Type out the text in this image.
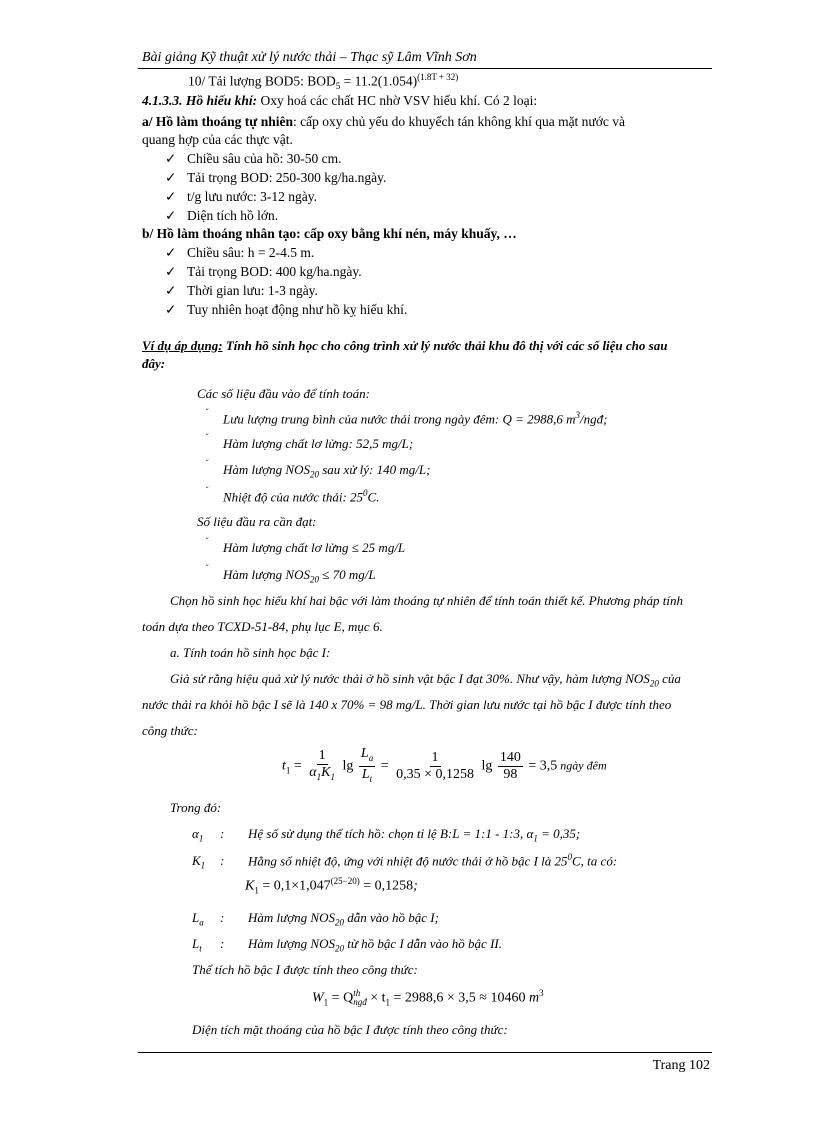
Bài giảng Kỹ thuật xử lý nước thải – Thạc sỹ Lâm Vĩnh Sơn
10/ Tải lượng BOD5: $BOD_5 = 11.2(1.054)^{(1.8T + 32)}$
4.1.3.3. Hồ hiếu khí: Oxy hoá các chất HC nhờ VSV hiếu khí. Có 2 loại:
a/ Hồ làm thoáng tự nhiên: cấp oxy chủ yếu do khuyếch tán không khí qua mặt nước và
quang hợp của các thực vật.
✓ Chiều sâu của hồ: 30-50 cm.
✓ Tải trọng BOD: 250-300 kg/ha.ngày.
✓ t/g lưu nước: 3-12 ngày.
✓ Diện tích hồ lớn.
b/ Hồ làm thoáng nhân tạo: cấp oxy bằng khí nén, máy khuấy, …
✓ Chiều sâu: h = 2-4.5 m.
✓ Tải trọng BOD: 400 kg/ha.ngày.
✓ Thời gian lưu: 1-3 ngày.
✓ Tuy nhiên hoạt động như hồ kỵ hiếu khí.
Ví dụ áp dụng: Tính hồ sinh học cho công trình xử lý nước thải khu đô thị với các số liệu cho sau
đây:
Các số liệu đầu vào để tính toán:
˘ Lưu lượng trung bình của nước thải trong ngày đêm: Q = 2988,6 $m^3$/ngđ;
˘ Hàm lượng chất lơ lửng: 52,5 mg/L;
˘ Hàm lượng $NOS_{20}$ sau xử lý: 140 mg/L;
˘ Nhiệt độ của nước thải: $25^0C$.
Số liệu đầu ra cần đạt:
˘ Hàm lượng chất lơ lửng ≤ 25 mg/L
˘ Hàm lượng $NOS_{20} \le 70$ mg/L
Chọn hồ sinh học hiếu khí hai bậc với làm thoáng tự nhiên để tính toán thiết kế. Phương pháp tính
toán dựa theo TCXD-51-84, phụ lục E, mục 6.
a. Tính toán hồ sinh học bậc I:
Giả sử rằng hiệu quả xử lý nước thải ở hồ sinh vật bậc I đạt 30%. Như vậy, hàm lượng $NOS_{20}$ của
nước thải ra khỏi hồ bậc I sẽ là 140 x 70% = 98 mg/L. Thời gian lưu nước tại hồ bậc I được tính theo
công thức:
$t_1 = \frac{1}{\alpha_1K_1}$ $\lg \frac{L_a}{L_t} = \frac{1}{0,35 \times 0,1258}$ $\lg \frac{140}{98} = 3,5$ ngày đêm
Trong đó:
$\alpha_1$ : Hệ số sử dụng thể tích hồ: chọn tỉ lệ B:L = 1:1 - 1:3, $\alpha_1 = 0,35$;
$K_1$ : Hằng số nhiệt độ, ứng với nhiệt độ nước thải ở hồ bậc I là $25^0C$, ta có:
$K_1 = 0,1\times 1,047^{(25-20)} = 0,1258$;
$L_a$ : Hàm lượng $NOS_{20}$ dẫn vào hồ bậc I;
$L_t$ : Hàm lượng $NOS_{20}$ từ hồ bậc I dẫn vào hồ bậc II.
Thể tích hồ bậc I được tính theo công thức:
$W_1 = Q$ th
ngđ × $t_1 = 2988,6 \times 3,5 \approx 10460$ $m^3$
Diện tích mặt thoáng của hồ bậc I được tính theo công thức:
Trang 102
